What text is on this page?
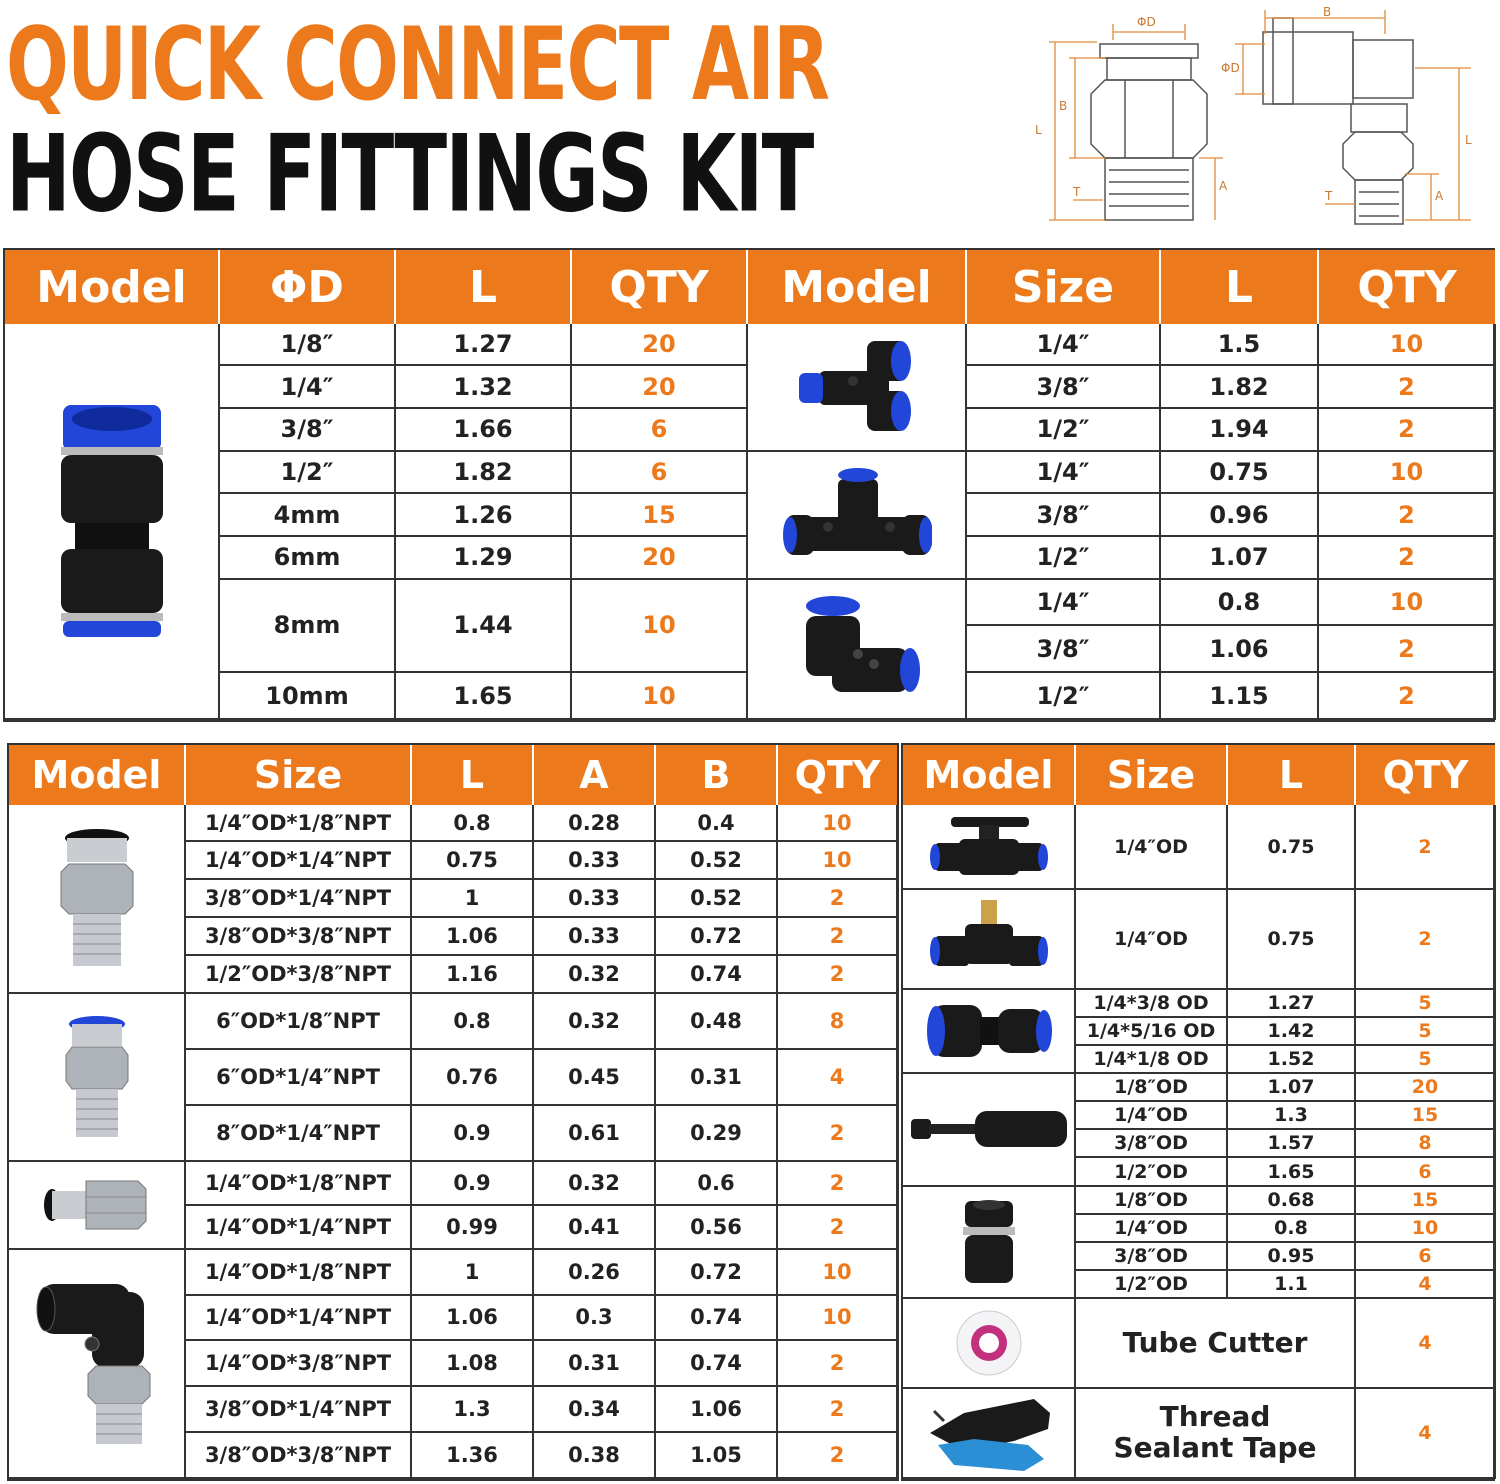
QUICK CONNECT AIR
HOSE FITTINGS KIT
ΦD
B
L
A
T
B
ΦD
L
A
T
Model	ΦD	L	QTY	Model	Size	L	QTY

	1/8″	1.27	20		1/4″	1.5	10
	1/4″	1.32	20		3/8″	1.82	2
	3/8″	1.66	6		1/2″	1.94	2
	1/2″	1.82	6		1/4″	0.75	10
	4mm	1.26	15		3/8″	0.96	2
	6mm	1.29	20		1/2″	1.07	2
	8mm	1.44	10		1/4″	0.8	10
					3/8″	1.06	2
	10mm	1.65	10		1/2″	1.15	2
Model	Size	L	A	B	QTY

	1/4″OD*1/8″NPT	0.8	0.28	0.4	10
	1/4″OD*1/4″NPT	0.75	0.33	0.52	10
	3/8″OD*1/4″NPT	1	0.33	0.52	2
	3/8″OD*3/8″NPT	1.06	0.33	0.72	2
	1/2″OD*3/8″NPT	1.16	0.32	0.74	2

	6″OD*1/8″NPT	0.8	0.32	0.48	8
	6″OD*1/4″NPT	0.76	0.45	0.31	4
	8″OD*1/4″NPT	0.9	0.61	0.29	2

	1/4″OD*1/8″NPT	0.9	0.32	0.6	2
	1/4″OD*1/4″NPT	0.99	0.41	0.56	2

	1/4″OD*1/8″NPT	1	0.26	0.72	10
	1/4″OD*1/4″NPT	1.06	0.3	0.74	10
	1/4″OD*3/8″NPT	1.08	0.31	0.74	2
	3/8″OD*1/4″NPT	1.3	0.34	1.06	2
	3/8″OD*3/8″NPT	1.36	0.38	1.05	2
Model	Size	L	QTY

	1/4″OD	0.75	2

	1/4″OD	0.75	2

	1/4*3/8 OD	1.27	5
	1/4*5/16 OD	1.42	5
	1/4*1/8 OD	1.52	5

	1/8″OD	1.07	20
	1/4″OD	1.3	15
	3/8″OD	1.57	8
	1/2″OD	1.65	6

	1/8″OD	0.68	15
	1/4″OD	0.8	10
	3/8″OD	0.95	6
	1/2″OD	1.1	4

	Tube Cutter		4

	Thread
Sealant Tape		4
